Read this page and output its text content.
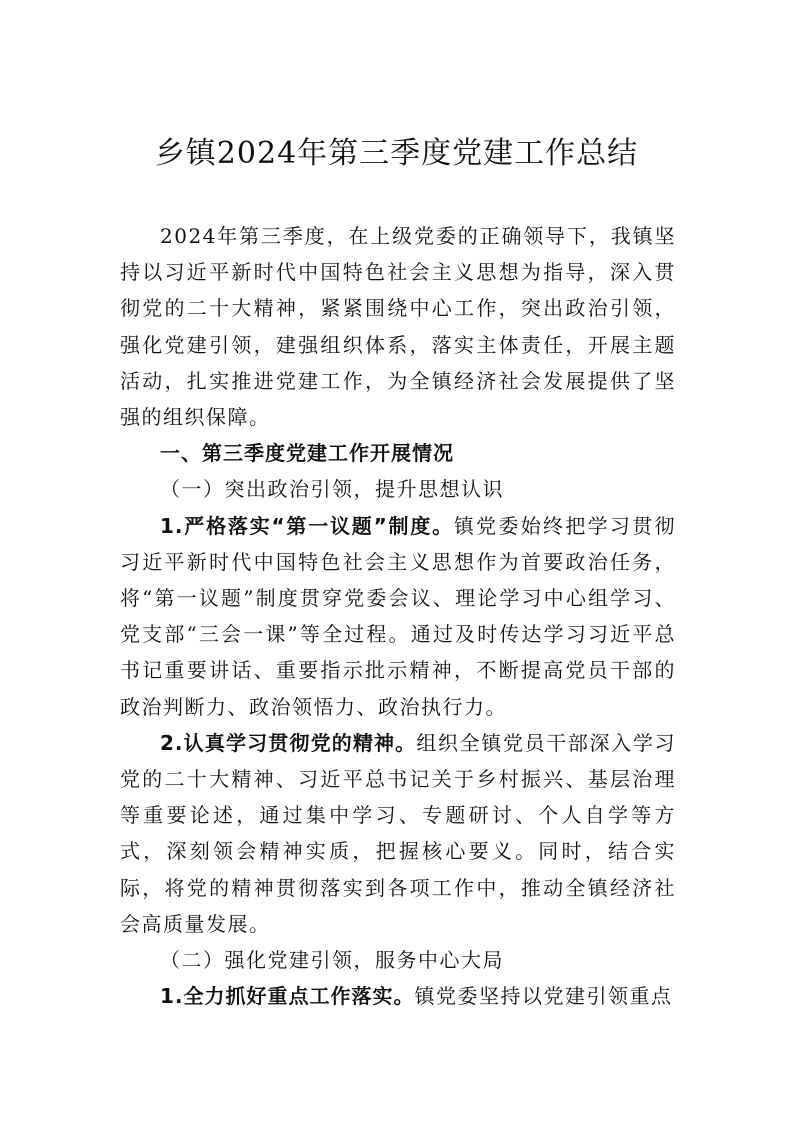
乡镇2024年第三季度党建工作总结

2024年第三季度，在上级党委的正确领导下，我镇坚持以习近平新时代中国特色社会主义思想为指导，深入贯彻党的二十大精神，紧紧围绕中心工作，突出政治引领，强化党建引领，建强组织体系，落实主体责任，开展主题活动，扎实推进党建工作，为全镇经济社会发展提供了坚强的组织保障。

一、第三季度党建工作开展情况

（一）突出政治引领，提升思想认识

1.严格落实“第一议题”制度。镇党委始终把学习贯彻习近平新时代中国特色社会主义思想作为首要政治任务，将“第一议题”制度贯穿党委会议、理论学习中心组学习、党支部“三会一课”等全过程。通过及时传达学习习近平总书记重要讲话、重要指示批示精神，不断提高党员干部的政治判断力、政治领悟力、政治执行力。

2.认真学习贯彻党的精神。组织全镇党员干部深入学习党的二十大精神、习近平总书记关于乡村振兴、基层治理等重要论述，通过集中学习、专题研讨、个人自学等方式，深刻领会精神实质，把握核心要义。同时，结合实际，将党的精神贯彻落实到各项工作中，推动全镇经济社会高质量发展。

（二）强化党建引领，服务中心大局

1.全力抓好重点工作落实。镇党委坚持以党建引领重点
